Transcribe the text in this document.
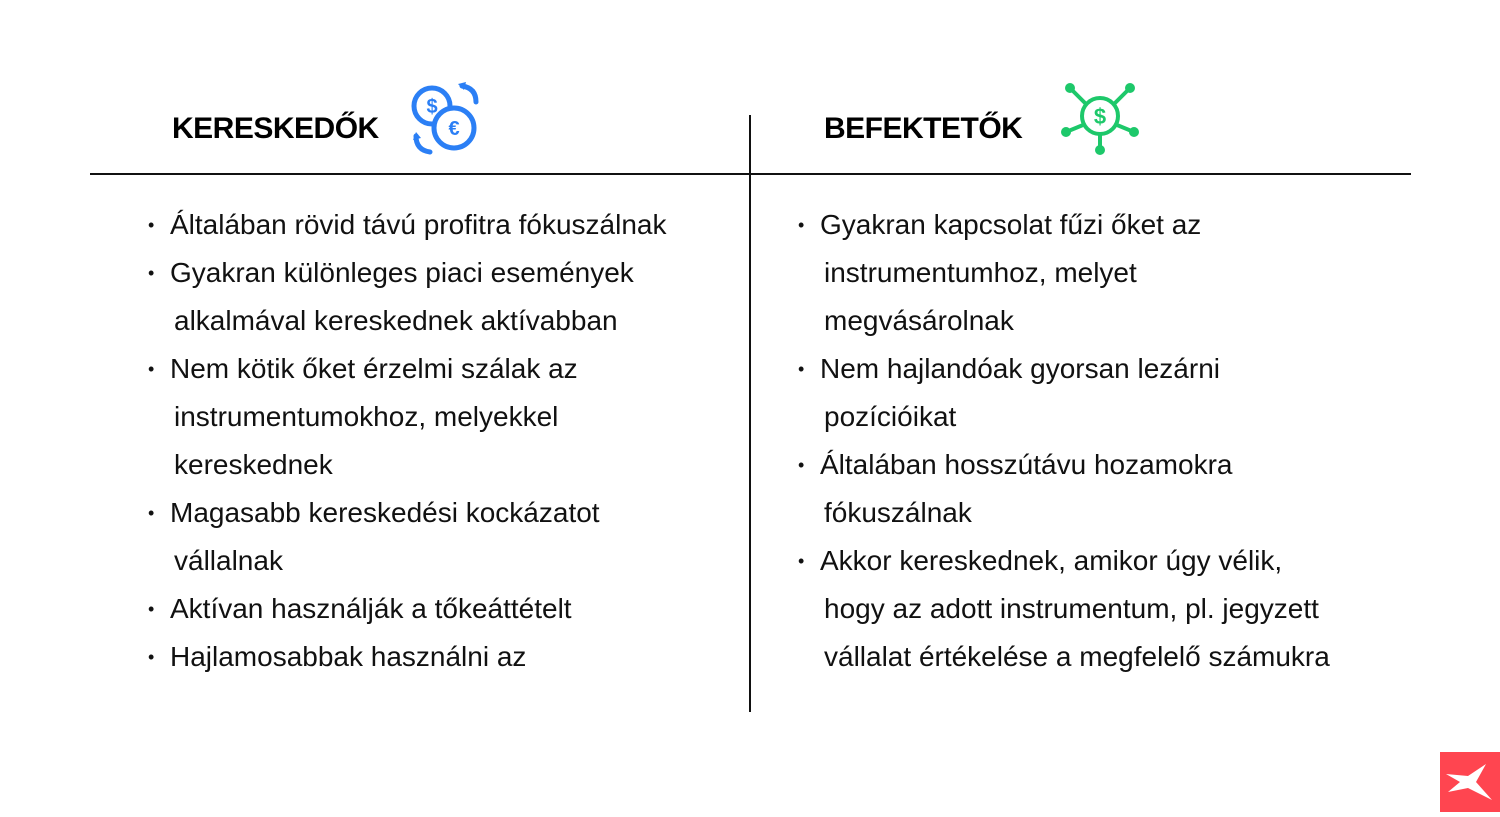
KERESKEDŐK
$
€	BEFEKTETŐK	$
• Általában rövid távú profitra fókuszálnak
• Gyakran különleges piaci események
alkalmával kereskednek aktívabban
• Nem kötik őket érzelmi szálak az
instrumentumokhoz, melyekkel
kereskednek
• Magasabb kereskedési kockázatot
vállalnak
• Aktívan használják a tőkeáttételt
• Hajlamosabbak használni az
• Gyakran kapcsolat fűzi őket az
instrumentumhoz, melyet
megvásárolnak
• Nem hajlandóak gyorsan lezárni
pozícióikat
• Általában hosszútávu hozamokra
fókuszálnak
• Akkor kereskednek, amikor úgy vélik,
hogy az adott instrumentum, pl. jegyzett
vállalat értékelése a megfelelő számukra
